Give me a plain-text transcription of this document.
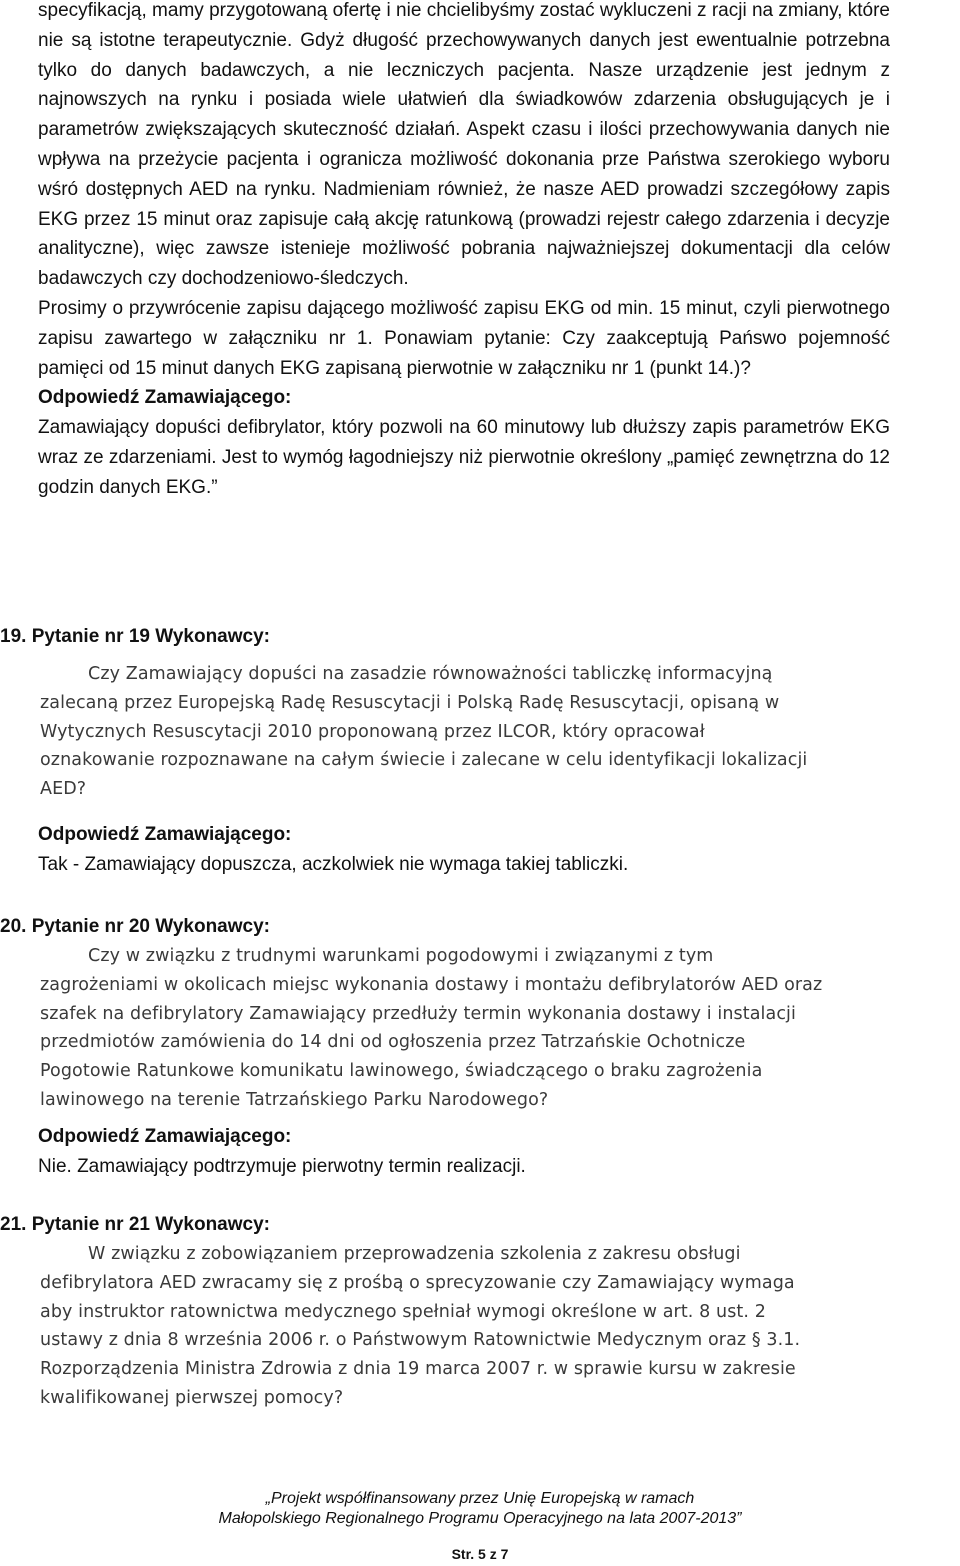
specyfikacją, mamy przygotowaną ofertę i nie chcielibyśmy zostać wykluczeni z racji na zmiany, które nie są istotne terapeutycznie. Gdyż długość przechowywanych danych jest ewentualnie potrzebna tylko do danych badawczych, a nie leczniczych pacjenta. Nasze urządzenie jest jednym z najnowszych na rynku i posiada wiele ułatwień dla świadkowów zdarzenia obsługujących je i parametrów zwiększających skuteczność działań. Aspekt czasu i ilości przechowywania danych nie wpływa na przeżycie pacjenta i ogranicza możliwość dokonania prze Państwa szerokiego wyboru wśró dostępnych AED na rynku. Nadmieniam również, że nasze AED prowadzi szczegółowy zapis EKG przez 15 minut oraz zapisuje całą akcję ratunkową (prowadzi rejestr całego zdarzenia i decyzje analityczne), więc zawsze istenieje możliwość pobrania najważniejszej dokumentacji dla celów badawczych czy dochodzeniowo-śledczych.

Prosimy o przywrócenie zapisu dającego możliwość zapisu EKG od min. 15 minut, czyli pierwotnego zapisu zawartego w załączniku nr 1. Ponawiam pytanie: Czy zaakceptują Pańswo pojemność pamięci od 15 minut danych EKG zapisaną pierwotnie w załączniku nr 1 (punkt 14.)?

Odpowiedź Zamawiającego:

Zamawiający dopuści defibrylator, który pozwoli na 60 minutowy lub dłuższy zapis parametrów EKG wraz ze zdarzeniami. Jest to wymóg łagodniejszy niż pierwotnie określony „pamięć zewnętrzna do 12 godzin danych EKG.”

19. Pytanie nr 19 Wykonawcy:
Czy Zamawiający dopuści na zasadzie równoważności tabliczkę informacyjną
zalecaną przez Europejską Radę Resuscytacji i Polską Radę Resuscytacji, opisaną w
Wytycznych Resuscytacji 2010 proponowaną przez ILCOR, który opracował
oznakowanie rozpoznawane na całym świecie i zalecane w celu identyfikacji lokalizacji
AED?

Odpowiedź Zamawiającego:

Tak - Zamawiający dopuszcza, aczkolwiek nie wymaga takiej tabliczki.

20. Pytanie nr 20 Wykonawcy:
Czy w związku z trudnymi warunkami pogodowymi i związanymi z tym
zagrożeniami w okolicach miejsc wykonania dostawy i montażu defibrylatorów AED oraz
szafek na defibrylatory Zamawiający przedłuży termin wykonania dostawy i instalacji
przedmiotów zamówienia do 14 dni od ogłoszenia przez Tatrzańskie Ochotnicze
Pogotowie Ratunkowe komunikatu lawinowego, świadczącego o braku zagrożenia
lawinowego na terenie Tatrzańskiego Parku Narodowego?

Odpowiedź Zamawiającego:

Nie. Zamawiający podtrzymuje pierwotny termin realizacji.

21. Pytanie nr 21 Wykonawcy:
W związku z zobowiązaniem przeprowadzenia szkolenia z zakresu obsługi
defibrylatora AED zwracamy się z prośbą o sprecyzowanie czy Zamawiający wymaga
aby instruktor ratownictwa medycznego spełniał wymogi określone w art. 8 ust. 2
ustawy z dnia 8 września 2006 r. o Państwowym Ratownictwie Medycznym oraz § 3.1.
Rozporządzenia Ministra Zdrowia z dnia 19 marca 2007 r. w sprawie kursu w zakresie
kwalifikowanej pierwszej pomocy?
„Projekt współfinansowany przez Unię Europejską w ramach
Małopolskiego Regionalnego Programu Operacyjnego na lata 2007-2013”
Str. 5 z 7
